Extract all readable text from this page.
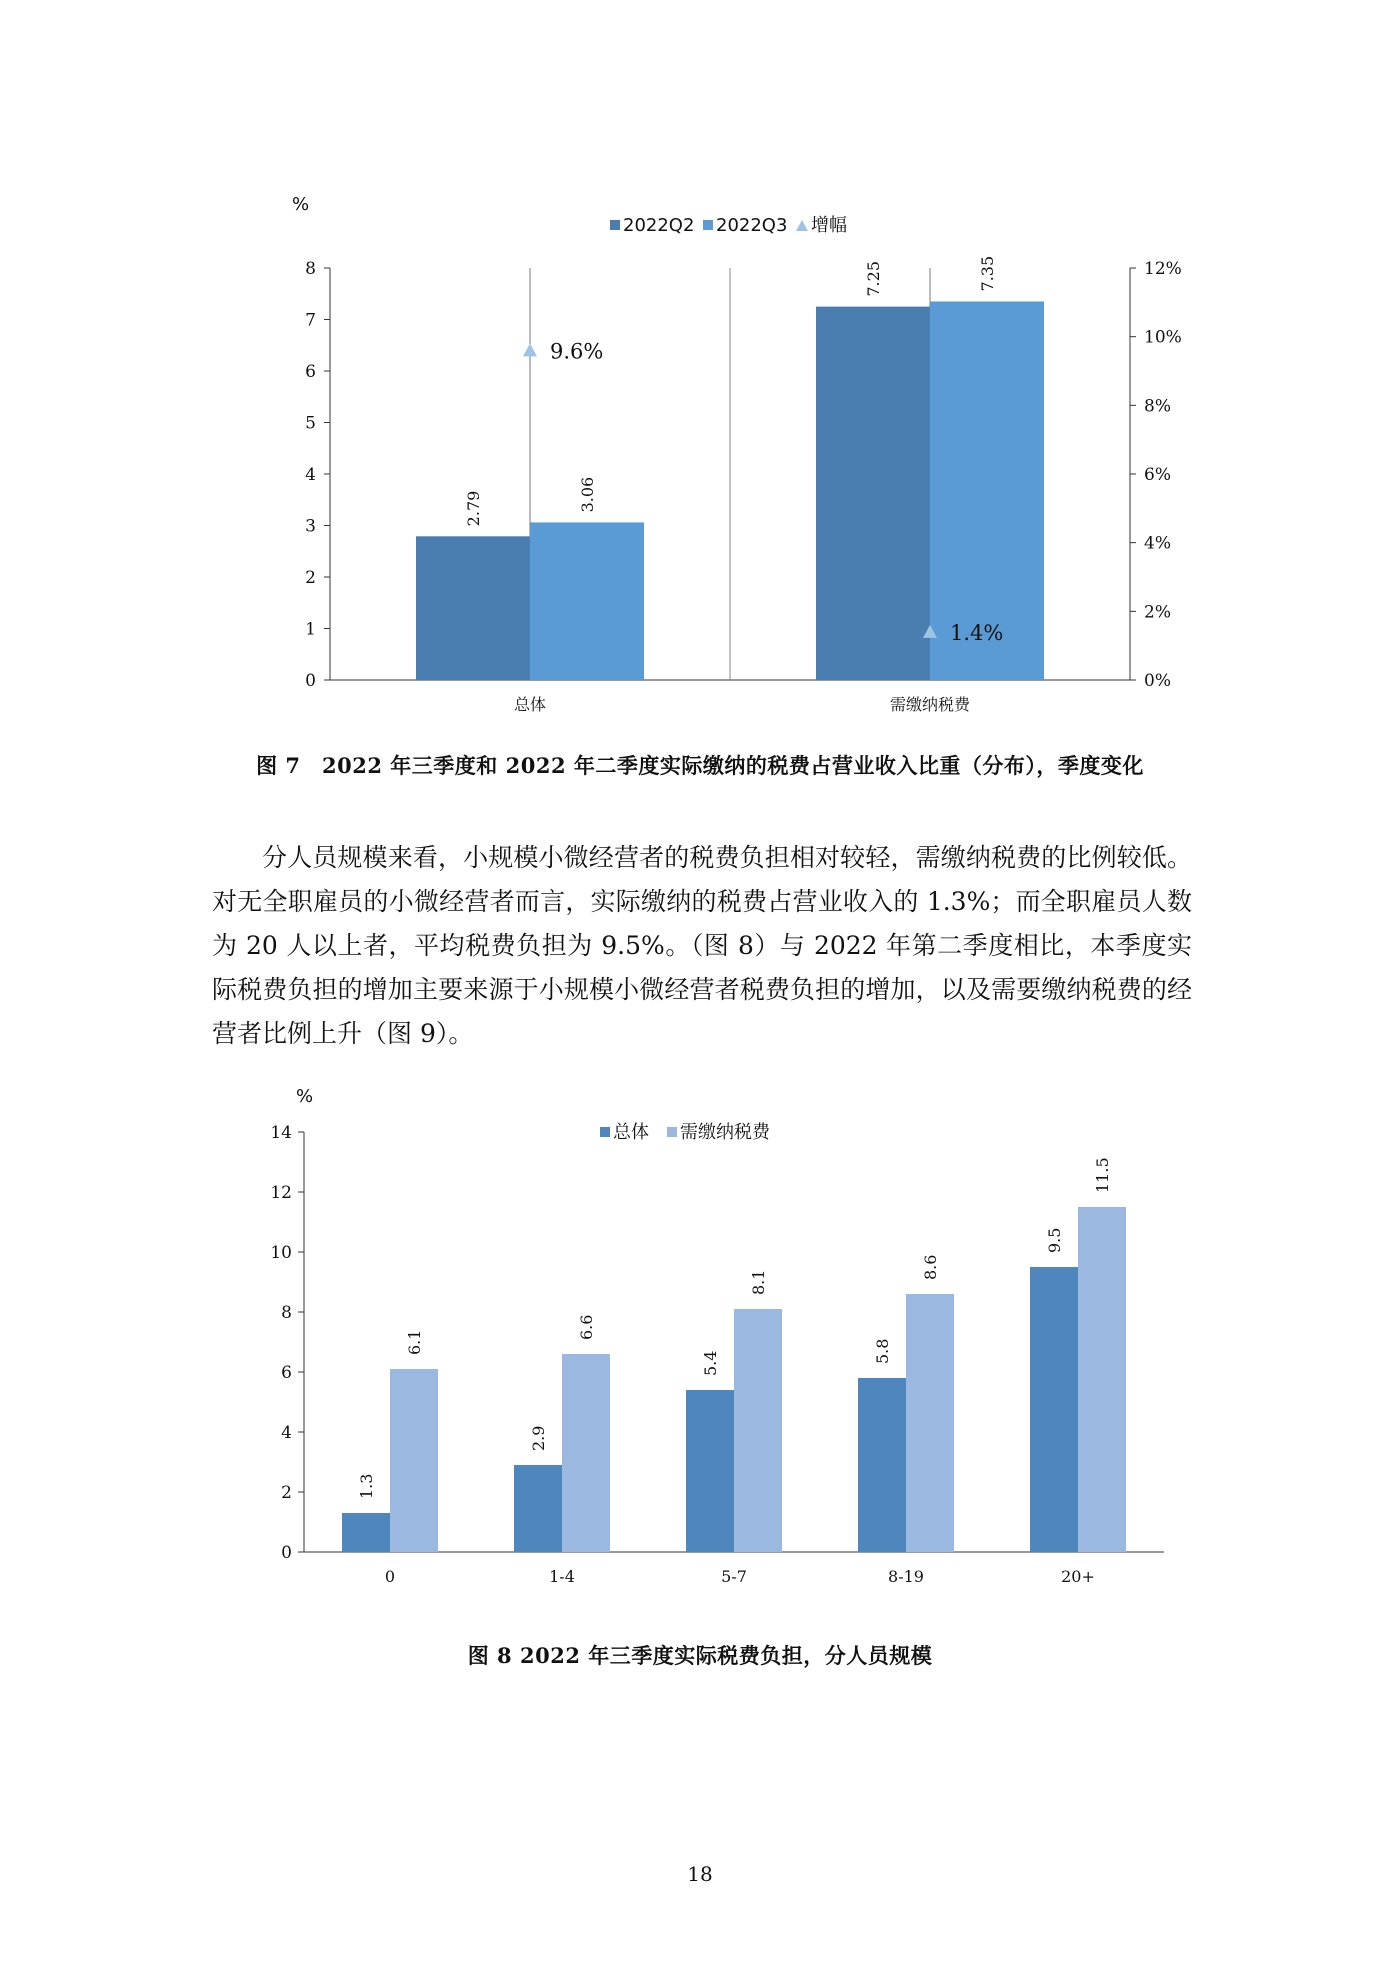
%
0
1
2
3
4
5
6
7
8
0%
2%
4%
6%
8%
10%
12%
总体
2.79	3.06
9.6%
需缴纳税费
7.25	7.35
1.4%
2022Q2 2022Q3 增幅
图 7　2022 年三季度和 2022 年二季度实际缴纳的税费占营业收入比重（分布），季度变化

分人员规模来看，小规模小微经营者的税费负担相对较轻，需缴纳税费的比例较低。对无全职雇员的小微经营者而言，实际缴纳的税费占营业收入的 1.3%；而全职雇员人数为 20 人以上者，平均税费负担为 9.5%。（图 8）与 2022 年第二季度相比，本季度实际税费负担的增加主要来源于小规模小微经营者税费负担的增加，以及需要缴纳税费的经营者比例上升（图 9）。

%
0
2
4
6
8
10
12
14
0
1.3
6.1
1-4
2.9
6.6
5-7
5.4
8.1
8-19
5.8
8.6
20+
9.5
11.5
总体 需缴纳税费
图 8 2022 年三季度实际税费负担，分人员规模
18
